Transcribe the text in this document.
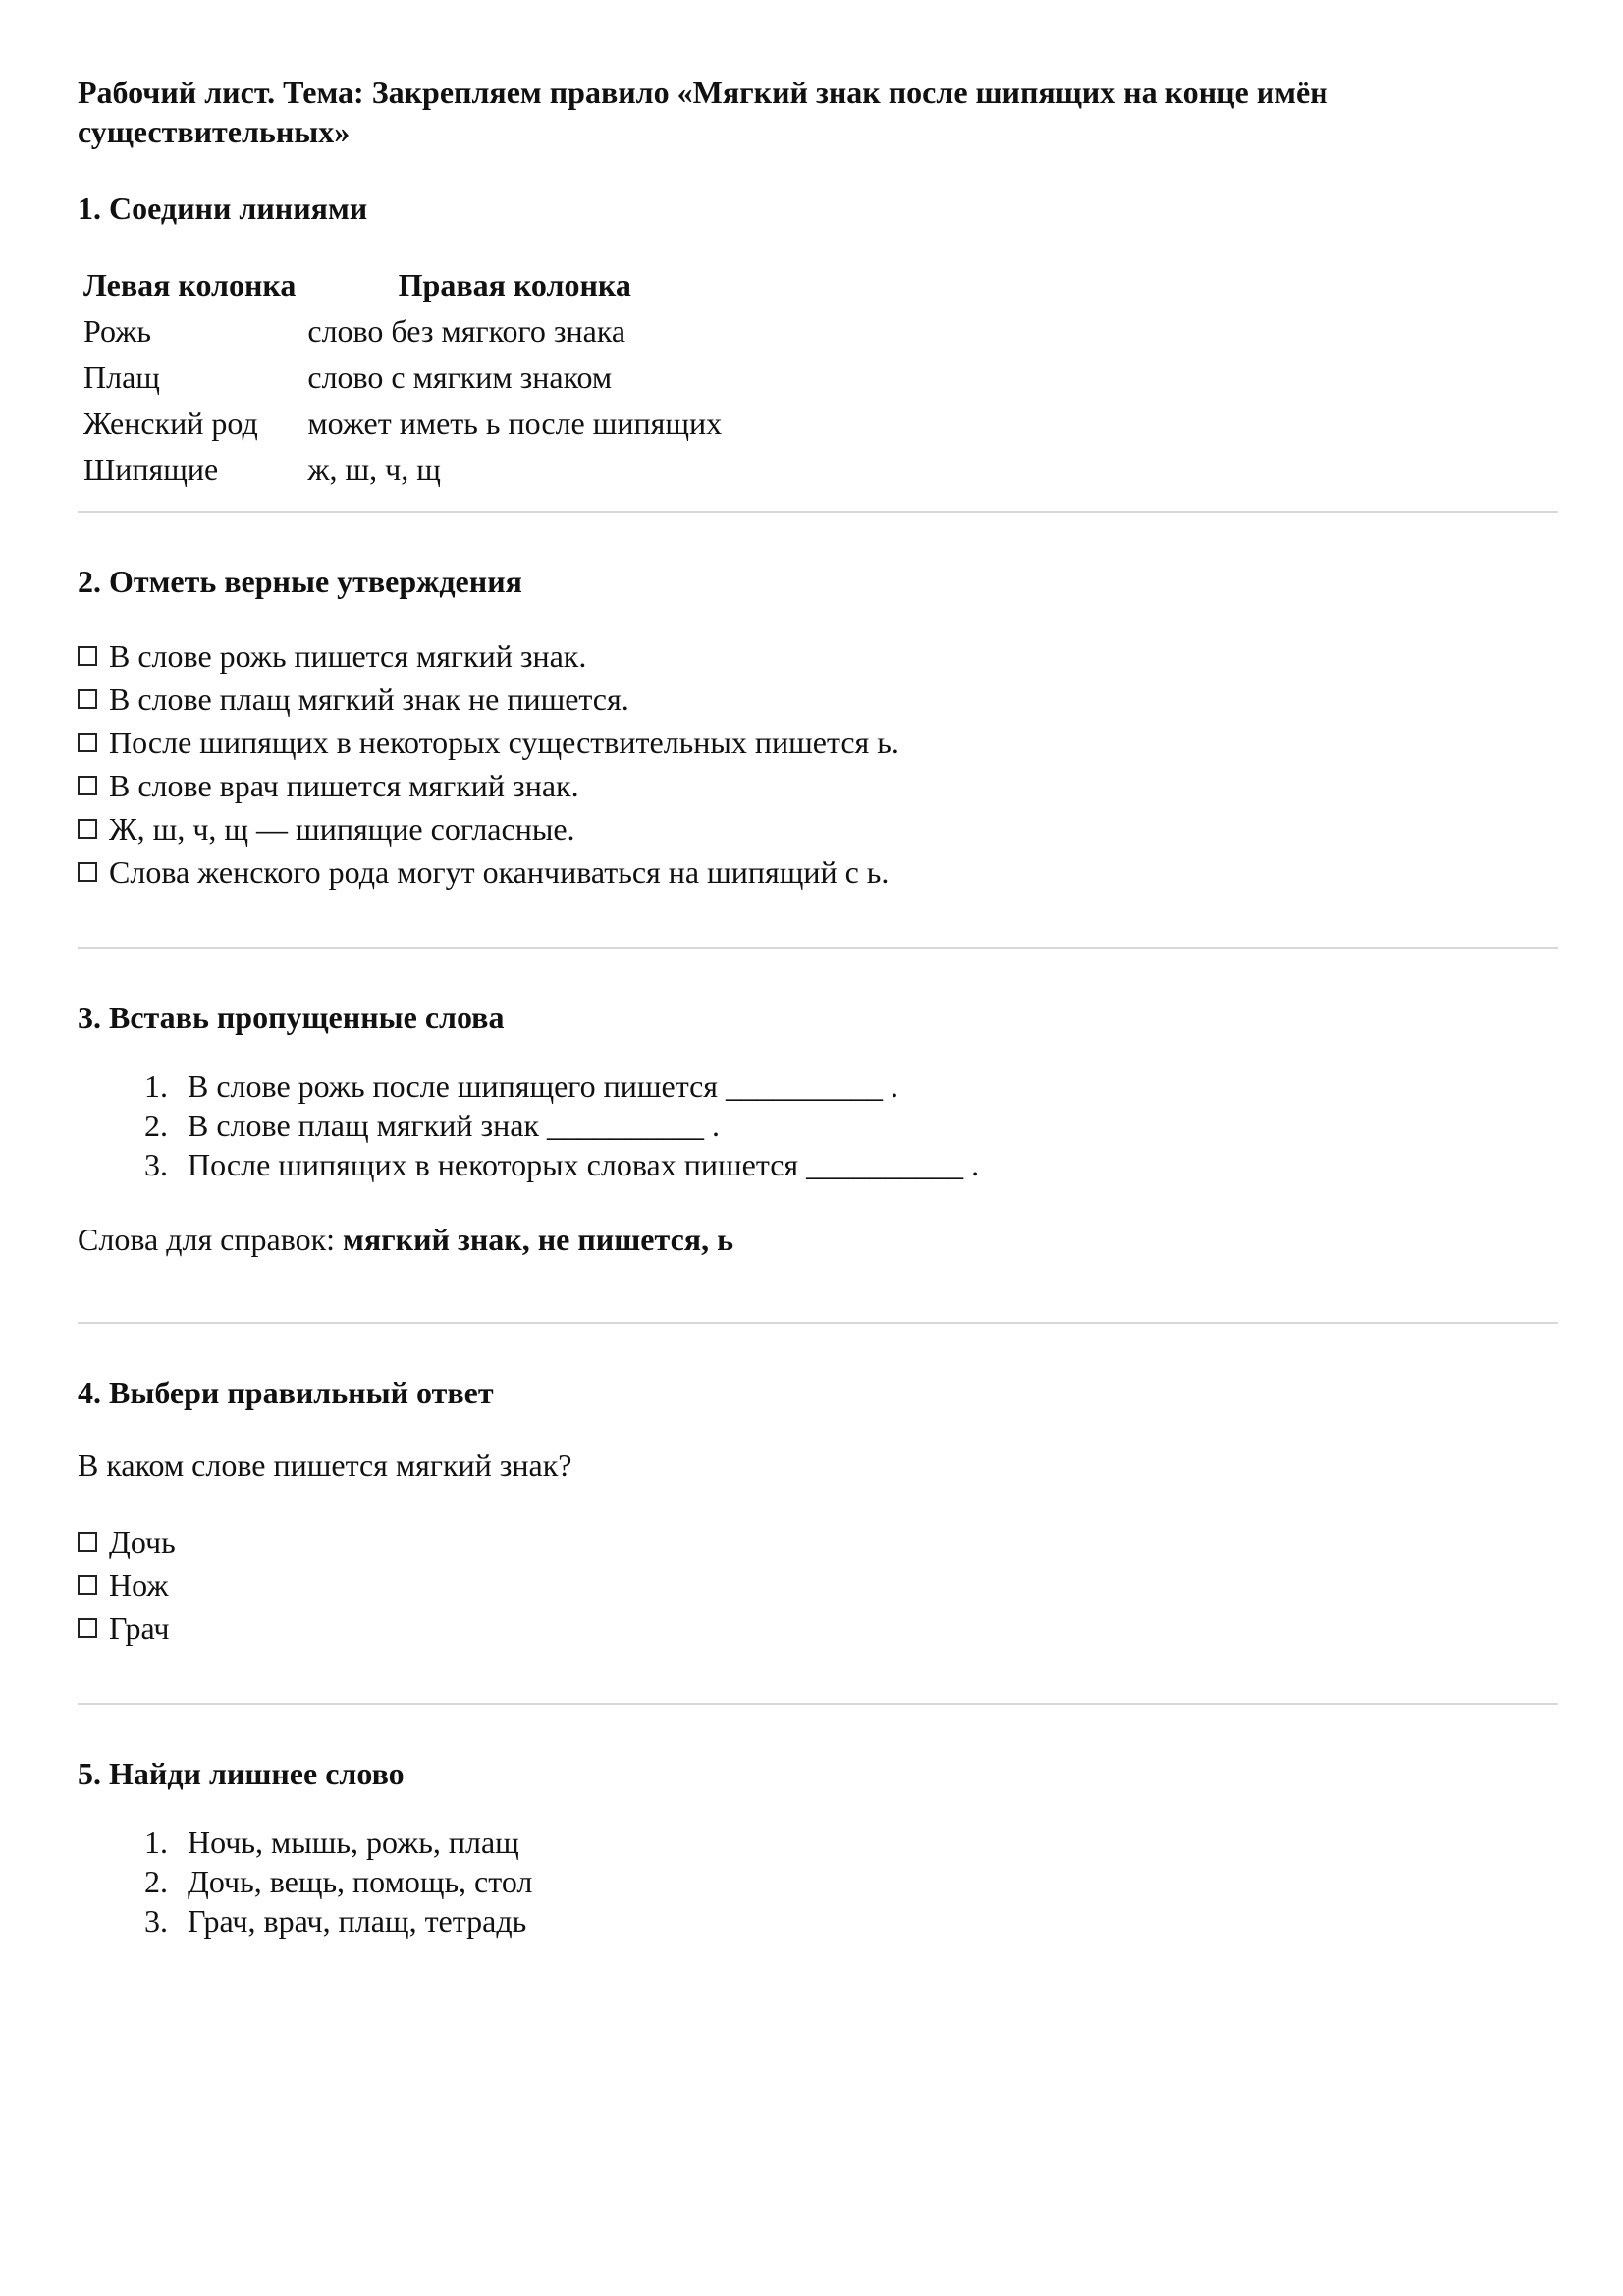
Рабочий лист. Тема: Закрепляем правило «Мягкий знак после шипящих на конце имён существительных»
1. Соедини линиями
Левая колонка	Правая колонка
Рожь	слово без мягкого знака
Плащ	слово с мягким знаком
Женский род	может иметь ь после шипящих
Шипящие	ж, ш, ч, щ
2. Отметь верные утверждения
В слове рожь пишется мягкий знак.
В слове плащ мягкий знак не пишется.
После шипящих в некоторых существительных пишется ь.
В слове врач пишется мягкий знак.
Ж, ш, ч, щ — шипящие согласные.
Слова женского рода могут оканчиваться на шипящий с ь.
3. Вставь пропущенные слова
1. В слове рожь после шипящего пишется __________ .
2. В слове плащ мягкий знак __________ .
3. После шипящих в некоторых словах пишется __________ .
Слова для справок: мягкий знак, не пишется, ь
4. Выбери правильный ответ
В каком слове пишется мягкий знак?
Дочь
Нож
Грач
5. Найди лишнее слово
1. Ночь, мышь, рожь, плащ
2. Дочь, вещь, помощь, стол
3. Грач, врач, плащ, тетрадь
